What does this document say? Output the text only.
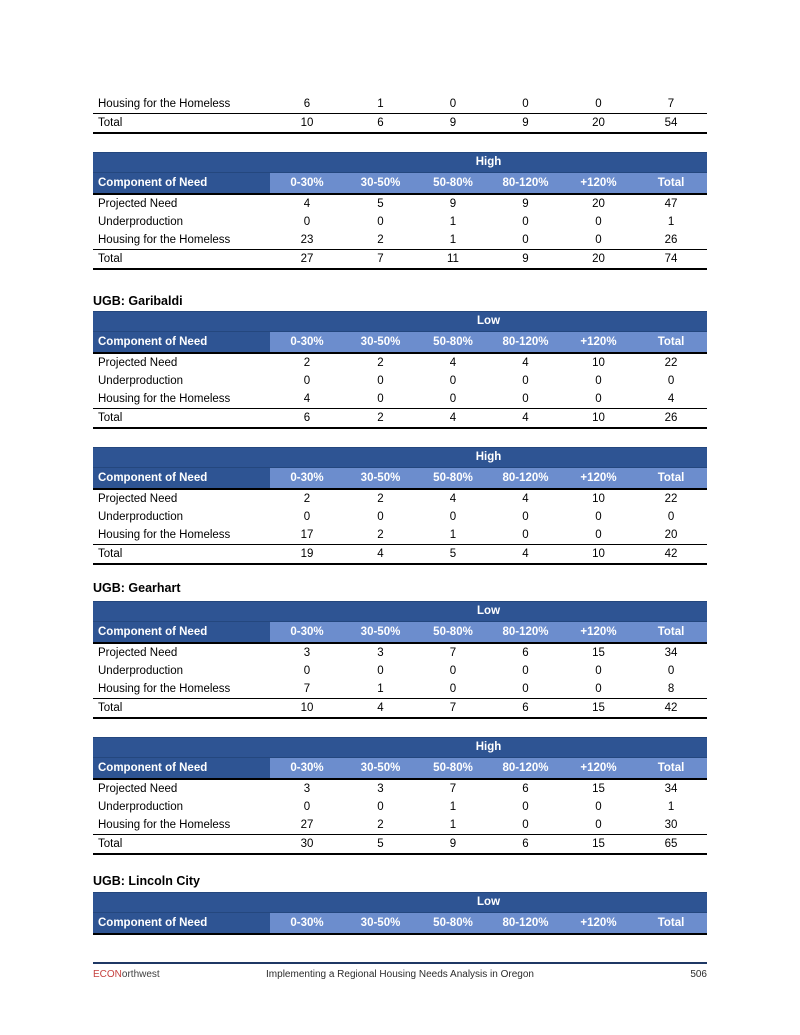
Housing for the Homeless	6	1	0	0	0	7
Total	10	6	9	9	20	54
	High					
Component of Need	0-30%	30-50%	50-80%	80-120%	+120%	Total
Projected Need	4	5	9	9	20	47
Underproduction	0	0	1	0	0	1
Housing for the Homeless	23	2	1	0	0	26
Total	27	7	11	9	20	74
UGB: Garibaldi
	Low					
Component of Need	0-30%	30-50%	50-80%	80-120%	+120%	Total
Projected Need	2	2	4	4	10	22
Underproduction	0	0	0	0	0	0
Housing for the Homeless	4	0	0	0	0	4
Total	6	2	4	4	10	26
	High					
Component of Need	0-30%	30-50%	50-80%	80-120%	+120%	Total
Projected Need	2	2	4	4	10	22
Underproduction	0	0	0	0	0	0
Housing for the Homeless	17	2	1	0	0	20
Total	19	4	5	4	10	42
UGB: Gearhart
	Low					
Component of Need	0-30%	30-50%	50-80%	80-120%	+120%	Total
Projected Need	3	3	7	6	15	34
Underproduction	0	0	0	0	0	0
Housing for the Homeless	7	1	0	0	0	8
Total	10	4	7	6	15	42
	High					
Component of Need	0-30%	30-50%	50-80%	80-120%	+120%	Total
Projected Need	3	3	7	6	15	34
Underproduction	0	0	1	0	0	1
Housing for the Homeless	27	2	1	0	0	30
Total	30	5	9	6	15	65
UGB: Lincoln City
	Low					
Component of Need	0-30%	30-50%	50-80%	80-120%	+120%	Total
ECONorthwest	Implementing a Regional Housing Needs Analysis in Oregon	506
